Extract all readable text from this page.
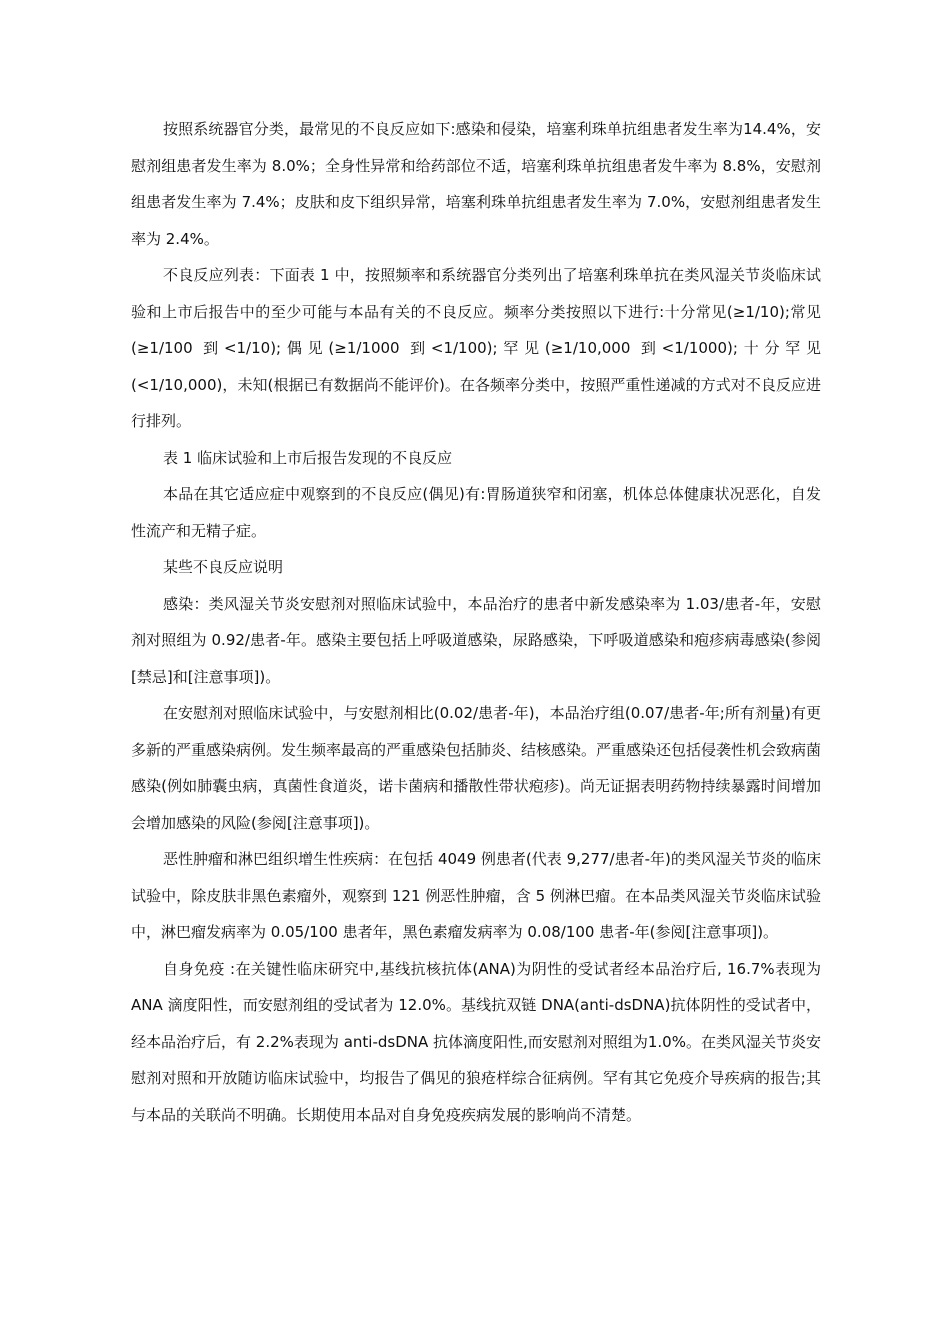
按照系统器官分类，最常见的不良反应如下:感染和侵染，培塞利珠单抗组患者发生率为14.4%，安慰剂组患者发生率为 8.0%；全身性异常和给药部位不适，培塞利珠单抗组患者发牛率为 8.8%，安慰剂组患者发生率为 7.4%；皮肤和皮下组织异常，培塞利珠单抗组患者发生率为 7.0%，安慰剂组患者发生率为 2.4%。

不良反应列表：下面表 1 中，按照频率和系统器官分类列出了培塞利珠单抗在类风湿关节炎临床试验和上市后报告中的至少可能与本品有关的不良反应。频率分类按照以下进行:十分常见(≥1/10);常见(≥1/100 到<1/10);偶见(≥1/1000 到<1/100);罕见(≥1/10,000 到<1/1000);十分罕见(<1/10,000)，未知(根据已有数据尚不能评价)。在各频率分类中，按照严重性递减的方式对不良反应进行排列。

表 1 临床试验和上市后报告发现的不良反应

本品在其它适应症中观察到的不良反应(偶见)有:胃肠道狭窄和闭塞，机体总体健康状况恶化，自发性流产和无精子症。

某些不良反应说明

感染：类风湿关节炎安慰剂对照临床试验中，本品治疗的患者中新发感染率为 1.03/患者-年，安慰剂对照组为 0.92/患者-年。感染主要包括上呼吸道感染，尿路感染，下呼吸道感染和疱疹病毒感染(参阅[禁忌]和[注意事项])。

在安慰剂对照临床试验中，与安慰剂相比(0.02/患者-年)，本品治疗组(0.07/患者-年;所有剂量)有更多新的严重感染病例。发生频率最高的严重感染包括肺炎、结核感染。严重感染还包括侵袭性机会致病菌感染(例如肺囊虫病，真菌性食道炎，诺卡菌病和播散性带状疱疹)。尚无证据表明药物持续暴露时间增加会增加感染的风险(参阅[注意事项])。

恶性肿瘤和淋巴组织增生性疾病：在包括 4049 例患者(代表 9,277/患者-年)的类风湿关节炎的临床试验中，除皮肤非黑色素瘤外，观察到 121 例恶性肿瘤，含 5 例淋巴瘤。在本品类风湿关节炎临床试验中，淋巴瘤发病率为 0.05/100 患者年，黑色素瘤发病率为 0.08/100 患者-年(参阅[注意事项])。

自身免疫 :在关键性临床研究中,基线抗核抗体(ANA)为阴性的受试者经本品治疗后, 16.7%表现为 ANA 滴度阳性，而安慰剂组的受试者为 12.0%。基线抗双链 DNA(anti-dsDNA)抗体阴性的受试者中，经本品治疗后，有 2.2%表现为 anti-dsDNA 抗体滴度阳性,而安慰剂对照组为1.0%。在类风湿关节炎安慰剂对照和开放随访临床试验中，均报告了偶见的狼疮样综合征病例。罕有其它免疫介导疾病的报告;其与本品的关联尚不明确。长期使用本品对自身免疫疾病发展的影响尚不清楚。
